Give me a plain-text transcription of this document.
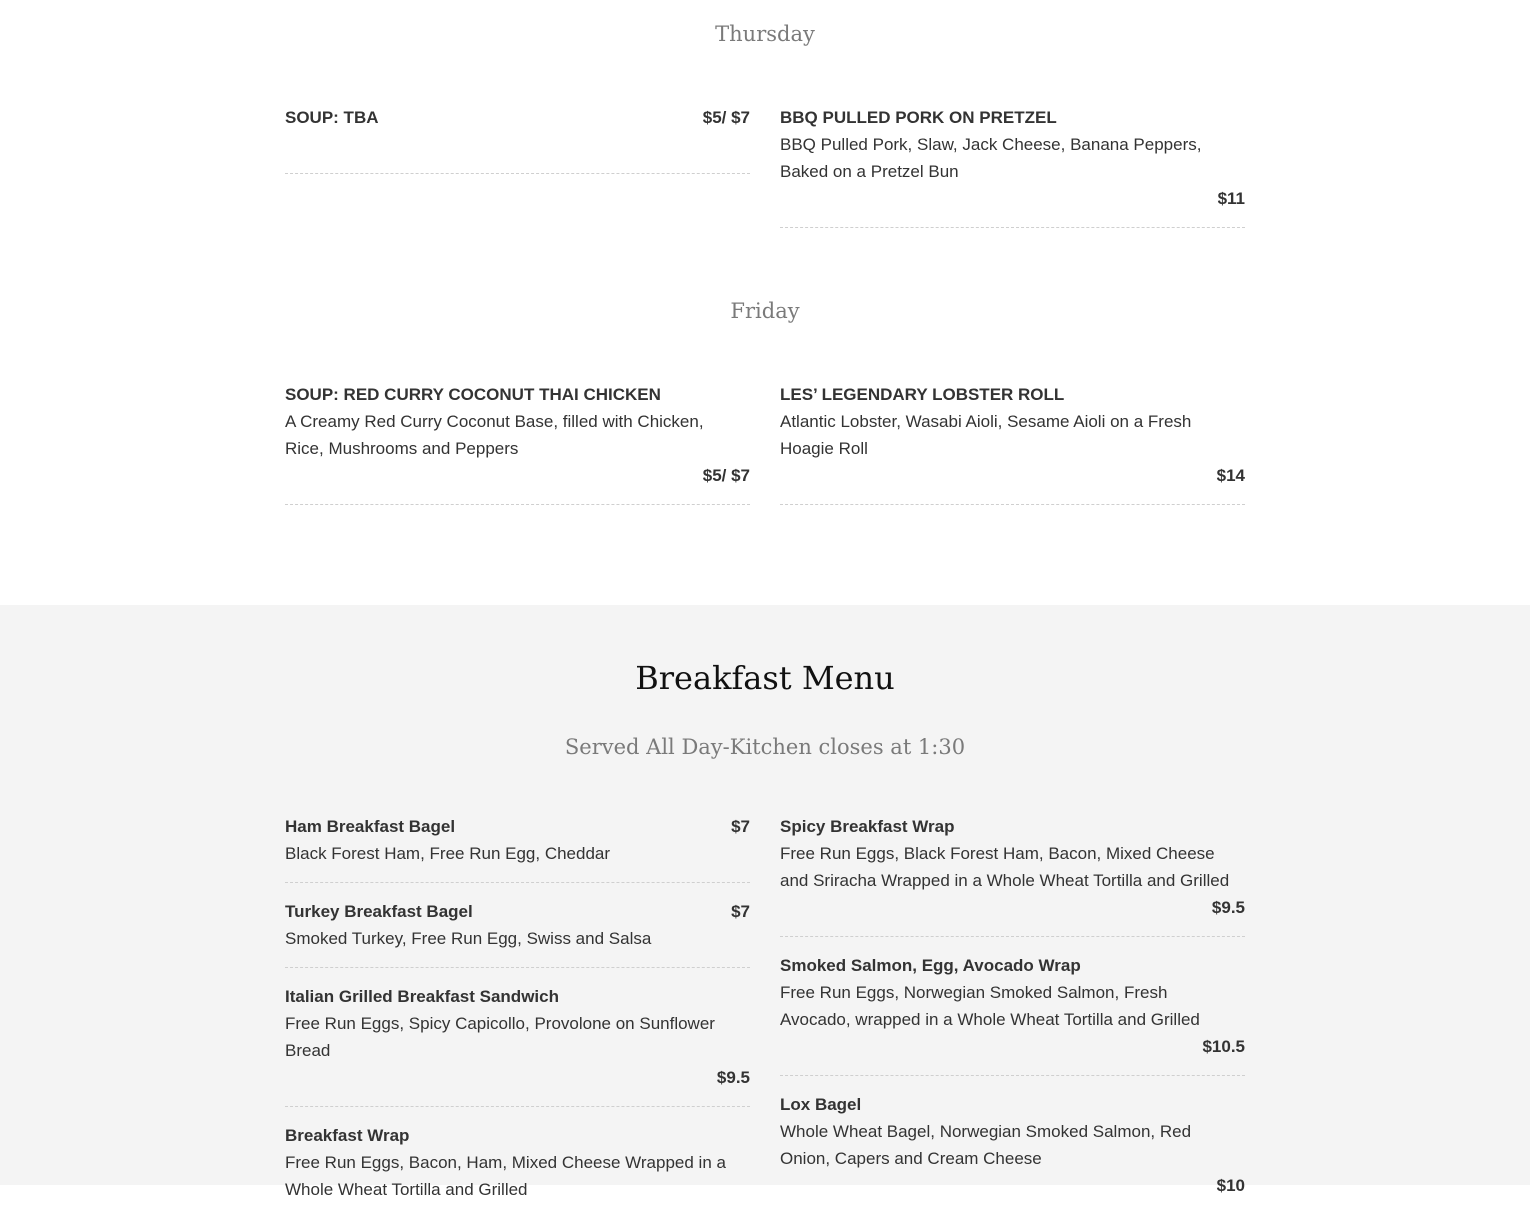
Thursday
SOUP: TBA	$5/ $7 BBQ PULLED PORK ON PRETZEL
BBQ Pulled Pork, Slaw, Jack Cheese, Banana Peppers, Baked on a Pretzel Bun
$11
Friday
SOUP: RED CURRY COCONUT THAI CHICKEN
A Creamy Red Curry Coconut Base, filled with Chicken, Rice, Mushrooms and Peppers
$5/ $7
LES’ LEGENDARY LOBSTER ROLL
Atlantic Lobster, Wasabi Aioli, Sesame Aioli on a Fresh Hoagie Roll
$14
Breakfast Menu
Served All Day-Kitchen closes at 1:30
Ham Breakfast Bagel	$7
Black Forest Ham, Free Run Egg, Cheddar
Turkey Breakfast Bagel	$7
Smoked Turkey, Free Run Egg, Swiss and Salsa
Italian Grilled Breakfast Sandwich
Free Run Eggs, Spicy Capicollo, Provolone on Sunflower Bread
$9.5
Breakfast Wrap
Free Run Eggs, Bacon, Ham, Mixed Cheese Wrapped in a Whole Wheat Tortilla and Grilled
Spicy Breakfast Wrap
Free Run Eggs, Black Forest Ham, Bacon, Mixed Cheese and Sriracha Wrapped in a Whole Wheat Tortilla and Grilled
$9.5
Smoked Salmon, Egg, Avocado Wrap
Free Run Eggs, Norwegian Smoked Salmon, Fresh Avocado, wrapped in a Whole Wheat Tortilla and Grilled
$10.5
Lox Bagel
Whole Wheat Bagel, Norwegian Smoked Salmon, Red Onion, Capers and Cream Cheese
$10
